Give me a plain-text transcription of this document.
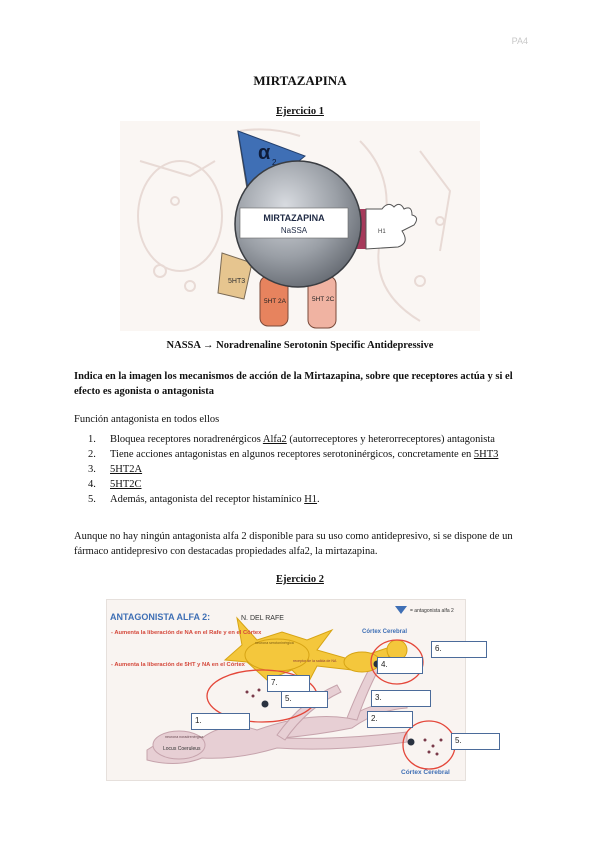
PA4
MIRTAZAPINA
Ejercicio 1
α 2
H1
5HT3
5HT 2A	5HT 2C
MIRTAZAPINA
NaSSA
NASSA → Noradrenaline Serotonin Specific Antidepressive
Indica en la imagen los mecanismos de acción de la Mirtazapina, sobre que receptores actúa y si el efecto es agonista o antagonista
Función antagonista en todos ellos
1.	Bloquea receptores noradrenérgicos Alfa2 (autorreceptores y heterorreceptores) antagonista
2.	Tiene acciones antagonistas en algunos receptores serotoninérgicos, concretamente en 5HT3
3.	5HT2A
4.	5HT2C
5.	Además, antagonista del receptor histamínico H1.
Aunque no hay ningún antagonista alfa 2 disponible para su uso como antidepresivo, si se dispone de un fármaco antidepresivo con destacadas propiedades alfa2, la mirtazapina.
Ejercicio 2
= antagonista alfa 2
ANTAGONISTA ALFA 2:
- Aumenta la liberación de NA en el Rafe y en el Córtex
- Aumenta la liberación de 5HT y NA en el Córtex
N. DEL RAFE
Córtex Cerebral
Córtex Cerebral
Locus Coeruleus
neurona serotoninérgica
neurona noradrenérgica
receptor de la salida de NA
6.
4.
7.
5.	3.
1.	2.
5.
